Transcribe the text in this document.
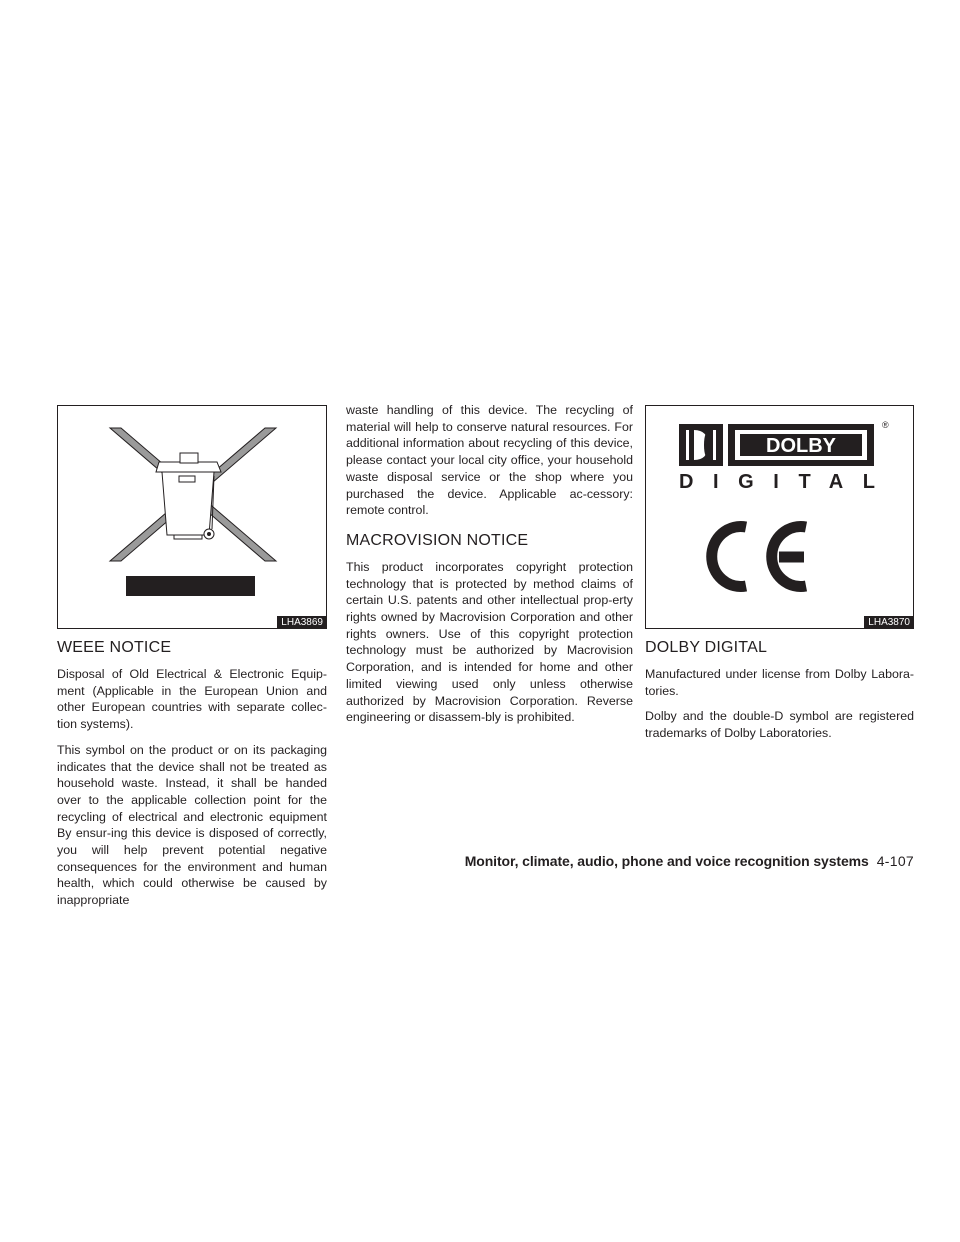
LHA3869
WEEE NOTICE

Disposal of Old Electrical & Electronic Equip-ment (Applicable in the European Union and other European countries with separate collec-tion systems).

This symbol on the product or on its packaging indicates that the device shall not be treated as household waste. Instead, it shall be handed over to the applicable collection point for the recycling of electrical and electronic equipment By ensur-ing this device is disposed of correctly, you will help prevent potential negative consequences for the environment and human health, which could otherwise be caused by inappropriate

waste handling of this device. The recycling of material will help to conserve natural resources. For additional information about recycling of this device, please contact your local city office, your household waste disposal service or the shop where you purchased the device. Applicable ac-cessory: remote control.

MACROVISION NOTICE

This product incorporates copyright protection technology that is protected by method claims of certain U.S. patents and other intellectual prop-erty rights owned by Macrovision Corporation and other rights owners. Use of this copyright protection technology must be authorized by Macrovision Corporation, and is intended for home and other limited viewing used only unless otherwise authorized by Macrovision Corporation. Reverse engineering or disassem-bly is prohibited.

DOLBY
®
DIGITAL
LHA3870
DOLBY DIGITAL

Manufactured under license from Dolby Labora-tories.

Dolby and the double-D symbol are registered trademarks of Dolby Laboratories.

Monitor, climate, audio, phone and voice recognition systems 4-107
